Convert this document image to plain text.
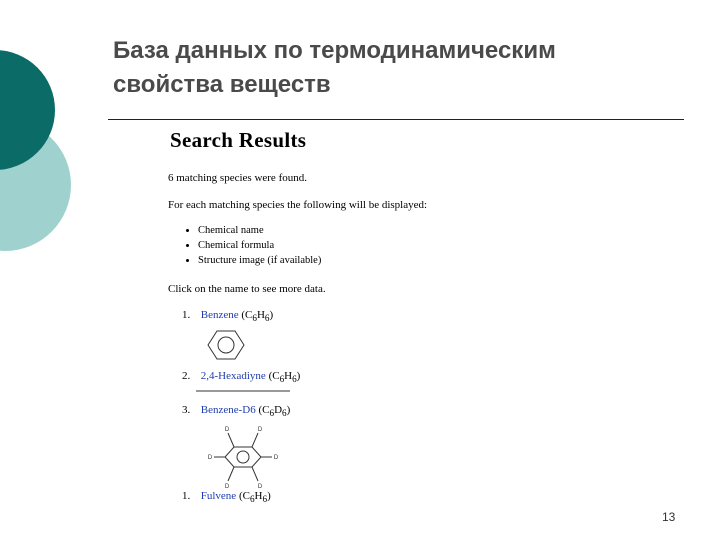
База данных по термодинамическим
свойства веществ
Search Results
6 matching species were found.
For each matching species the following will be displayed:
• Chemical name
• Chemical formula
• Structure image (if available)
Click on the name to see more data.
1. Benzene $(C_6H_6)$
2. 2,4-Hexadiyne $(C_6H_6)$
3. Benzene-D6 $(C_6D_6)$
D	D
D
D
D
D
1. Fulvene $(C_6H_6)$
13
